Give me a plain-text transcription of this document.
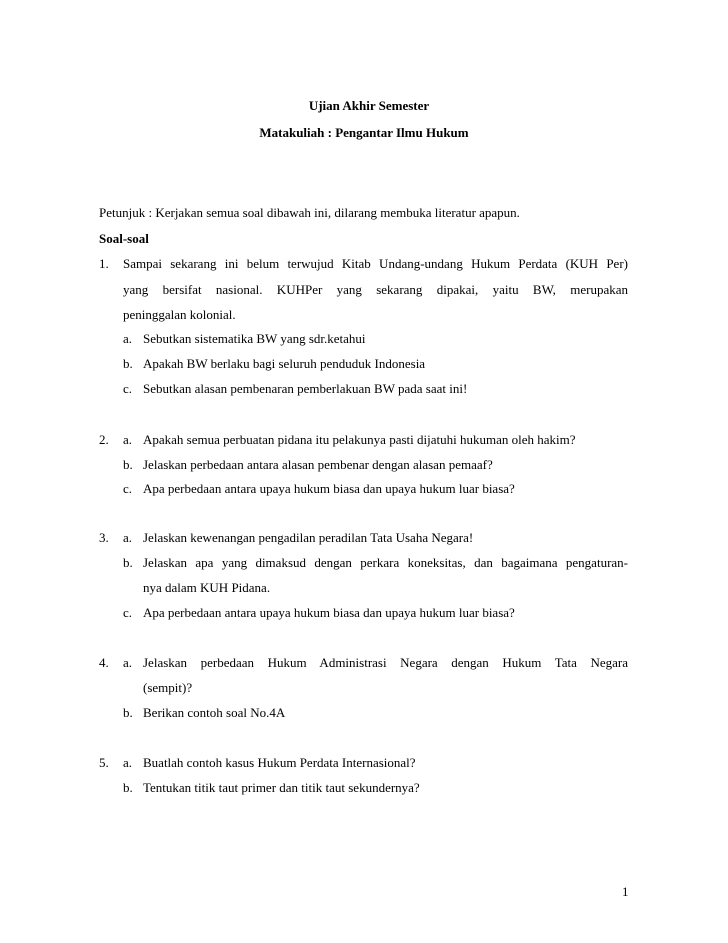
Ujian Akhir Semester
Matakuliah : Pengantar Ilmu Hukum
Petunjuk : Kerjakan semua soal dibawah ini, dilarang membuka literatur apapun.
Soal-soal
1. Sampai sekarang ini belum terwujud Kitab Undang-undang Hukum Perdata (KUH Per)
yang bersifat nasional. KUHPer yang sekarang dipakai, yaitu BW, merupakan
peninggalan kolonial.
a. Sebutkan sistematika BW yang sdr.ketahui
b. Apakah BW berlaku bagi seluruh penduduk Indonesia
c. Sebutkan alasan pembenaran pemberlakuan BW pada saat ini!
2. a. Apakah semua perbuatan pidana itu pelakunya pasti dijatuhi hukuman oleh hakim?
b. Jelaskan perbedaan antara alasan pembenar dengan alasan pemaaf?
c. Apa perbedaan antara upaya hukum biasa dan upaya hukum luar biasa?
3. a. Jelaskan kewenangan pengadilan peradilan Tata Usaha Negara!
b. Jelaskan apa yang dimaksud dengan perkara koneksitas, dan bagaimana pengaturan-
nya dalam KUH Pidana.
c. Apa perbedaan antara upaya hukum biasa dan upaya hukum luar biasa?
4. a. Jelaskan perbedaan Hukum Administrasi Negara dengan Hukum Tata Negara
(sempit)?
b. Berikan contoh soal No.4A
5. a. Buatlah contoh kasus Hukum Perdata Internasional?
b. Tentukan titik taut primer dan titik taut sekundernya?
1
